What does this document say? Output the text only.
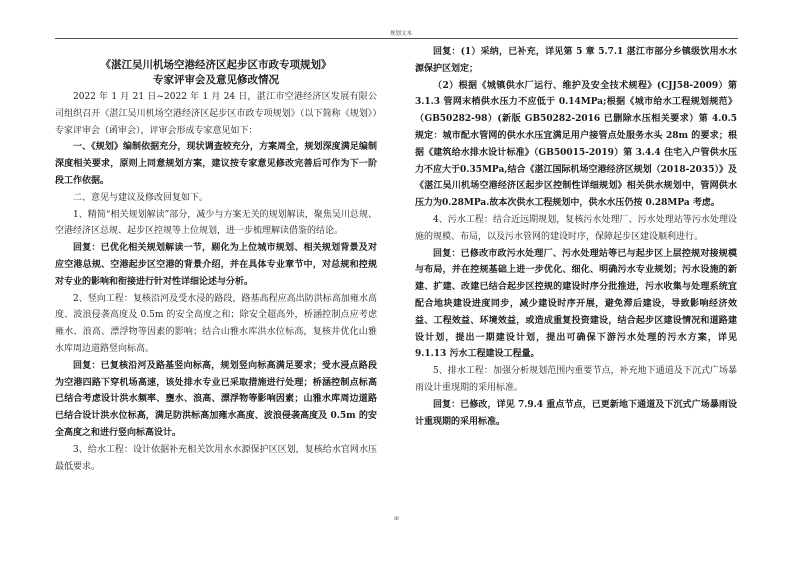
规划文本
《湛江吴川机场空港经济区起步区市政专项规划》
专家评审会及意见修改情况

2022 年 1 月 21 日~2022 年 1 月 24 日，湛江市空港经济区发展有限公司组织召开《湛江吴川机场空港经济区起步区市政专项规划》（以下简称《规划》）专家评审会（函审会），评审会形成专家意见如下：

一、《规划》编制依据充分，现状调查较充分，方案周全，规划深度满足编制深度相关要求，原则上同意规划方案，建议按专家意见修改完善后可作为下一阶段工作依据。

二、意见与建议及修改回复如下。

1、精简“相关规划解读”部分，减少与方案无关的规划解读，聚焦吴川总规、空港经济区总规、起步区控规等上位规划，进一步梳理解读借鉴的结论。

回复：已优化相关规划解读一节，剔化为上位城市规划、相关规划背景及对应空港总规、空港起步区空港的背景介绍，并在具体专业章节中，对总规和控规对专业的影响和衔接进行针对性详细论述与分析。

2、竖向工程：复核沿河及受水浸的路段，路基高程应高出防洪标高加雍水高度、波浪侵袭高度及 0.5m 的安全高度之和；除安全超高外，桥涵控制点应考虑雍水、浪高、漂浮物等因素的影响；结合山雅水库洪水位标高，复核井优化山雅水库周边道路竖向标高。

回复：已复核沿河及路基竖向标高，规划竖向标高满足要求；受水浸点路段为空港四路下穿机场高速，该处排水专业已采取措施进行处理；桥涵控制点标高已结合考虑设计洪水频率、壅水、浪高、漂浮物等影响因素；山雅水库周边道路已结合设计洪水位标高，满足防洪标高加雍水高度、波浪侵袭高度及 0.5m 的安全高度之和进行竖向标高设计。

3、给水工程：设计依据补充相关饮用水水源保护区区划，复核给水官网水压最低要求。

回复：(1）采纳，已补充，详见第 5 章 5.7.1 湛江市部分乡镇级饮用水水源保护区划定；

（2）根据《城镇供水厂运行、维护及安全技术规程》(CJJ58-2009）第 3.1.3 管网末梢供水压力不应低于 0.14MPa;根据《城市给水工程规划规范》（GB50282-98）(新版 GB50282-2016 已删除水压相关要求）第 4.0.5 规定：城市配水管网的供水水压宜满足用户接管点处服务水头 28m 的要求；根据《建筑给水排水设计标准》（GB50015-2019）第 3.4.4 住宅入户管供水压力不应大于0.35MPa,结合《湛江国际机场空港经济区规划（2018-2035）》及《湛江吴川机场空港经济区起步区控制性详细规划》相关供水规划中，管网供水压力为0.28MPa.故本次供水工程规划中，供水水压仍按 0.28MPa 考虑。

4、污水工程：结合近远期规划，复核污水处理厂、污水处理站等污水处理设施的规模、布局，以及污水管网的建设时序，保障起步区建设顺利进行。

回复：已修改市政污水处理厂、污水处理站等已与起步区上层控规对接规模与布局，并在控规基础上进一步优化、细化、明确污水专业规划；污水设施的新建、扩建、改建已结合起步区控规的建设时序分批推进，污水收集与处理系统宜配合地块建设进度同步，减少建设时序开展，避免滞后建设，导致影响经济效益、工程效益、环境效益，或造成重复投资建设，结合起步区建设情况和道路建设计划，提出一期建设计划，提出可确保下游污水处理的污水方案，详见 9.1.13 污水工程建设工程量。

5、排水工程：加强分析规划范围内重要节点，补充地下通道及下沉式广场暴雨设计重现期的采用标准。

回复：已修改，详见 7.9.4 重点节点，已更新地下通道及下沉式广场暴雨设计重现期的采用标准。

iii
